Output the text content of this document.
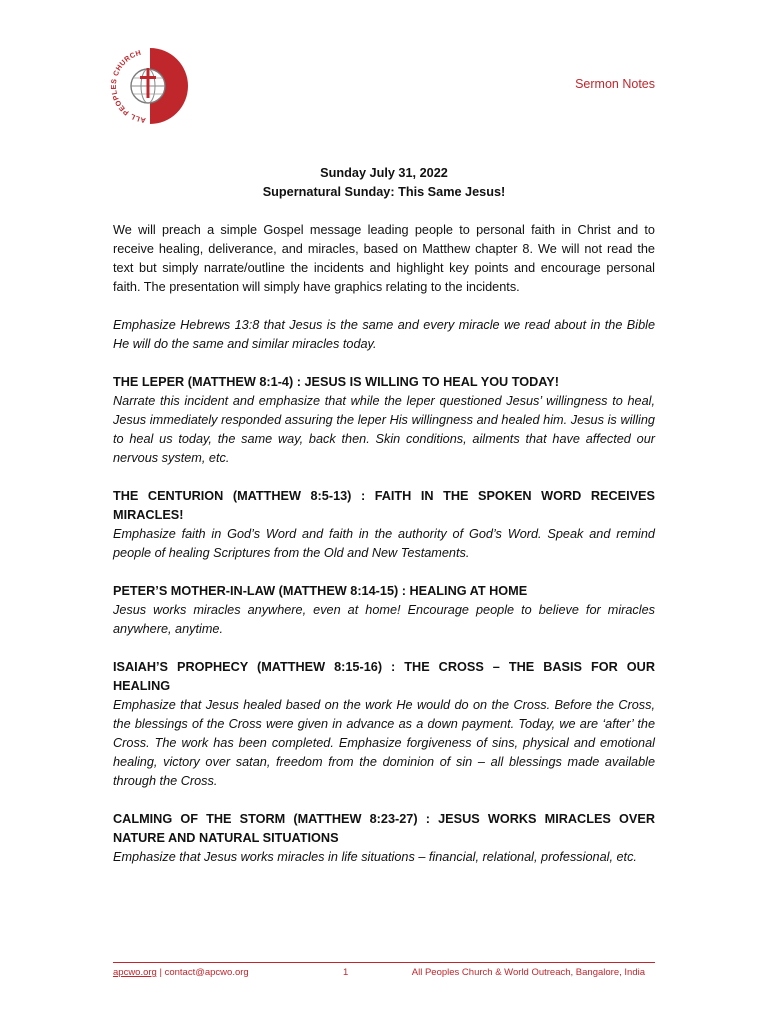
ALL PEOPL CHURCH
Sermon Notes
Sunday July 31, 2022
Supernatural Sunday: This Same Jesus!

We will preach a simple Gospel message leading people to personal faith in Christ and to receive healing, deliverance, and miracles, based on Matthew chapter 8. We will not read the text but simply narrate/outline the incidents and highlight key points and encourage personal faith. The presentation will simply have graphics relating to the incidents.

Emphasize Hebrews 13:8 that Jesus is the same and every miracle we read about in the Bible He will do the same and similar miracles today.

THE LEPER (MATTHEW 8:1-4) : JESUS IS WILLING TO HEAL YOU TODAY!

Narrate this incident and emphasize that while the leper questioned Jesus’ willingness to heal, Jesus immediately responded assuring the leper His willingness and healed him. Jesus is willing to heal us today, the same way, back then. Skin conditions, ailments that have affected our nervous system, etc.

THE CENTURION (MATTHEW 8:5-13) : FAITH IN THE SPOKEN WORD RECEIVES MIRACLES!

Emphasize faith in God’s Word and faith in the authority of God’s Word. Speak and remind people of healing Scriptures from the Old and New Testaments.

PETER’S MOTHER-IN-LAW (MATTHEW 8:14-15) : HEALING AT HOME

Jesus works miracles anywhere, even at home! Encourage people to believe for miracles anywhere, anytime.

ISAIAH’S PROPHECY (MATTHEW 8:15-16) : THE CROSS – THE BASIS FOR OUR HEALING

Emphasize that Jesus healed based on the work He would do on the Cross. Before the Cross, the blessings of the Cross were given in advance as a down payment. Today, we are ‘after’ the Cross. The work has been completed. Emphasize forgiveness of sins, physical and emotional healing, victory over satan, freedom from the dominion of sin – all blessings made available through the Cross.

CALMING OF THE STORM (MATTHEW 8:23-27) : JESUS WORKS MIRACLES OVER NATURE AND NATURAL SITUATIONS

Emphasize that Jesus works miracles in life situations – financial, relational, professional, etc.

apcwo.org | contact@apcwo.org	1	All Peoples Church & World Outreach, Bangalore, India
